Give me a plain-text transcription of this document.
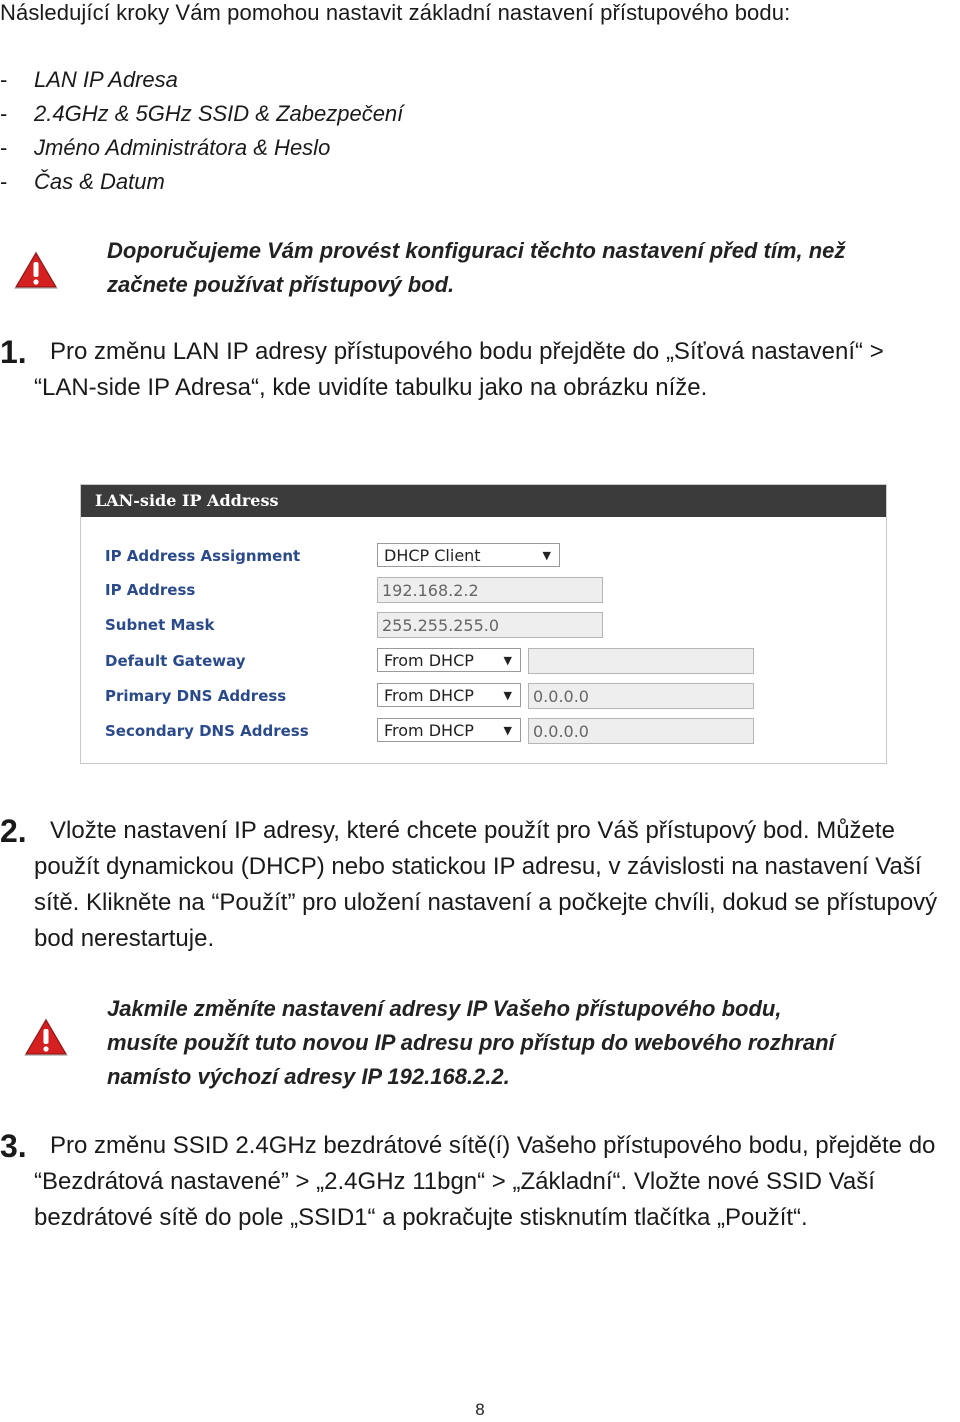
Následující kroky Vám pomohou nastavit základní nastavení přístupového bodu:
- LAN IP Adresa
- 2.4GHz & 5GHz SSID & Zabezpečení
- Jméno Administrátora & Heslo
- Čas & Datum
Doporučujeme Vám provést konfiguraci těchto nastavení před tím, než
začnete používat přístupový bod.
1. Pro změnu LAN IP adresy přístupového bodu přejděte do „Síťová nastavení“ > “LAN-side IP Adresa“, kde uvidíte tabulku jako na obrázku níže.

LAN-side IP Address
IP Address Assignment	DHCP Client	▼
IP Address	192.168.2.2
Subnet Mask	255.255.255.0
Default Gateway	From DHCP	▼
Primary DNS Address	From DHCP	▼	0.0.0.0
Secondary DNS Address	From DHCP	▼	0.0.0.0
2. Vložte nastavení IP adresy, které chcete použít pro Váš přístupový bod. Můžete použít dynamickou (DHCP) nebo statickou IP adresu, v závislosti na nastavení Vaší sítě. Klikněte na “Použít” pro uložení nastavení a počkejte chvíli, dokud se přístupový bod nerestartuje.

Jakmile změníte nastavení adresy IP Vašeho přístupového bodu,
musíte použít tuto novou IP adresu pro přístup do webového rozhraní
namísto výchozí adresy IP 192.168.2.2.
3. Pro změnu SSID 2.4GHz bezdrátové sítě(í) Vašeho přístupového bodu, přejděte do “Bezdrátová nastavené” > „2.4GHz 11bgn“ > „Základní“. Vložte nové SSID Vaší bezdrátové sítě do pole „SSID1“ a pokračujte stisknutím tlačítka „Použít“.

8
